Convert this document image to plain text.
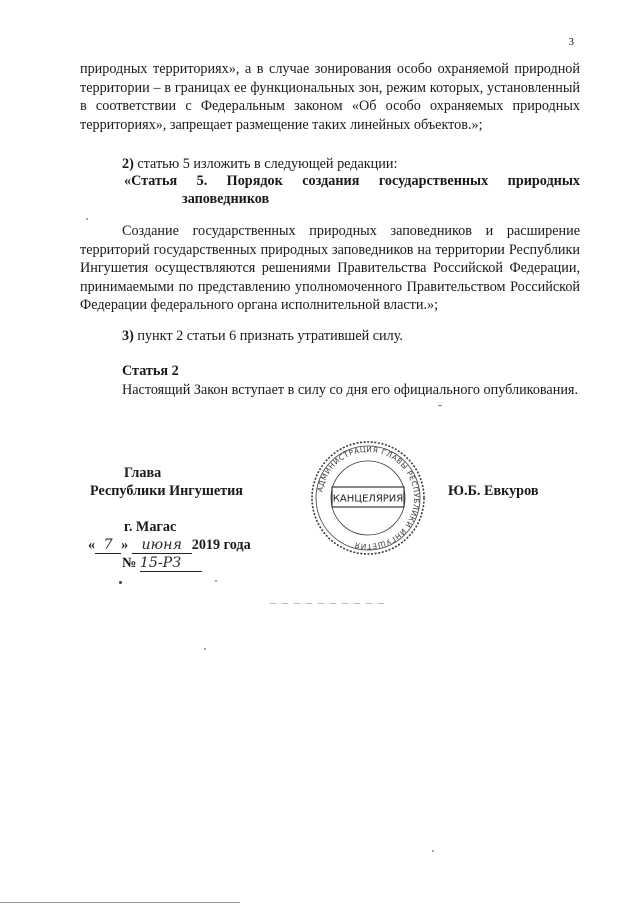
3

природных территориях», а в случае зонирования особо охраняемой природной территории – в границах ее функциональных зон, режим которых, установленный в соответствии с Федеральным законом «Об особо охраняемых природных территориях», запрещает размещение таких линейных объектов.»;

2) статью 5 изложить в следующей редакции:

«Статья 5. Порядок создания государственных природных
заповедников

Создание государственных природных заповедников и расширение территорий государственных природных заповедников на территории Республики Ингушетия осуществляются решениями Правительства Российской Федерации, принимаемыми по представлению уполномоченного Правительством Российской Федерации федерального органа исполнительной власти.»;

3) пункт 2 статьи 6 признать утратившей силу.

Статья 2

Настоящий Закон вступает в силу со дня его официального опубликования.

Глава
Республики Ингушетия	Ю.Б. Евкуров
АДМИНИСТРАЦИЯ ГЛАВЫ РЕСПУБЛИКИ ИНГУШЕТИЯ
КАНЦЕЛЯРИЯ
г. Магас
« 7 » июня 2019 года
№ 15-РЗ
